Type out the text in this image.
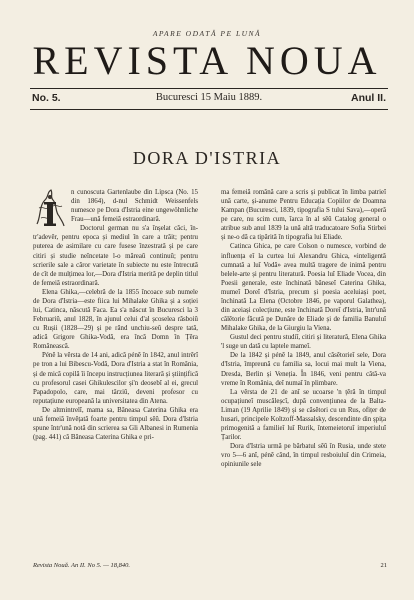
APARE ODATĂ PE LUNĂ
REVISTA NOUA
No. 5.	Bucuresci 15 Maiu 1889.	Anul II.
DORA D'ISTRIA

n cunoscuta Gartenlaube din Lipsca (No. 15 din 1864), d-nul Schmidt Weissenfels numesce pe Dora d'Istria eine ungewöhnliche Frau—ună femeiă estraordinară.

Doctorul german nu s'a înșelat căci, în-tr'adevěr, pentru epoca și mediul în care a trăit; pentru puterea de asimilare cu care fusese înzestrată și pe care citiri și studie neîncetate l-o măreaŭ continuŭ; pentru scrierile sale a căror varietate în subiecte nu este întrecută de cît de mulțimea lor,—Dora d'Istria merită pe deplin titlul de femeiă estraordinară.

Elena Ghika,—celebră de la 1855 încoace sub numele de Dora d'Istria—este fiica lui Mihalake Ghika și a soției lui, Catinca, născută Faca. Ea s'a născut în Bucuresci la 3 Februariŭ, anul 1828, în ajunul celui d'al școselea răsboiŭ cu Rușii (1828—29) și pe rănd unchiu-seŭ despre tată, adică Grigore Ghika-Vodă, era încă Domn în Țĕra Românească.

Pénĕ la vĕrsta de 14 ani, adică pénĕ în 1842, anul intrĕrĭ pe tron a lui Bibescu-Vodă, Dora d'Istria a stat în România, și de mică copilă îi începu instrucțiunea literară și științifică cu profesorul casei Ghikulescilor și'n deosebĭ al ei, grecul Papadopolo, care, mai târziŭ, deveni profesor cu reputațiune europeană la universitatea din Atena.

De altmintrelĭ, mama sa, Băneasa Caterina Ghika era ună femeiă învĕțată foarte pentru timpul sěŭ. Dora d'Istria spune într'ună notă din scrierea sa Gli Albanesi in Rumenia (pag. 441) că Băneasa Caterina Ghika e pri-

ma femeiă română care a scris și publicat în limba patrieĭ ună carte, și-anume Pentru Educația Copiilor de Doamna Kampan (Bucuresci, 1839, tipografia S tului Sava),—operă pe care, nu scim cum, ĭarca în al sĕŭ Catalog general o atribue sub anul 1839 la ună altă traducatoare Sofia Stirbei și ne-o dă ca tipărită în tipografia lui Eliade.

Catinca Ghica, pe care Colson o numesce, vorbind de influența eĭ la curtea lui Alexandru Ghica, «inteligentă cumnată a luĭ Vodă» avea multă tragere de inimă pentru belele-arte și pentru literatură. Poesia luĭ Eliade Vocea, din Poesii generale, este închinată băneseĭ Caterina Ghika, mumeĭ Doreĭ d'Istria, precum și poesia aceluiași poet, închinată La Elena (Octobre 1846, pe vaporul Galathea), din aceiași colecțiune, este închinată Doreĭ d'Istria, într'ună călĕtorie făcută pe Dunăre de Eliade și de familia Banuluĭ Mihalake Ghika, de la Giurgiu la Viena.

Gustul deci pentru studiĭ, citiri și literatură, Elena Ghika 'l suge un dată cu laptele mameĭ.

De la 1842 și pénĕ la 1849, anul căsĕtorieĭ sele, Dora d'Istria, împreună cu familia sa, locui mai mult la Viena, Dresda, Berlin și Veneția. În 1846, veni pentru câtă-va vreme în România, deĭ numaĭ în plimbare.

La vĕrsta de 21 de anĭ se ucoarse 'n țĕră în timpul ocupațiuneĭ muscăleșcĭ, după convențiunea de la Balta-Liman (19 Aprilie 1849) și se căsĕtori cu un Rus, ofițer de husari, principele Koltzoff-Massalsky, descendinte din șpița primogenită a familieĭ luĭ Rurik, întemeietoruĭ imperiuluĭ Țarilor.

Dora d'Istria urmă pe bărbatul sĕŭ în Rusia, unde stete vro 5—6 anĭ, pénĕ când, în timpul resboiuluĭ din Crimeia, opiniunile sele

Revista Nouă. An II. No 5. — 18,840.	21
